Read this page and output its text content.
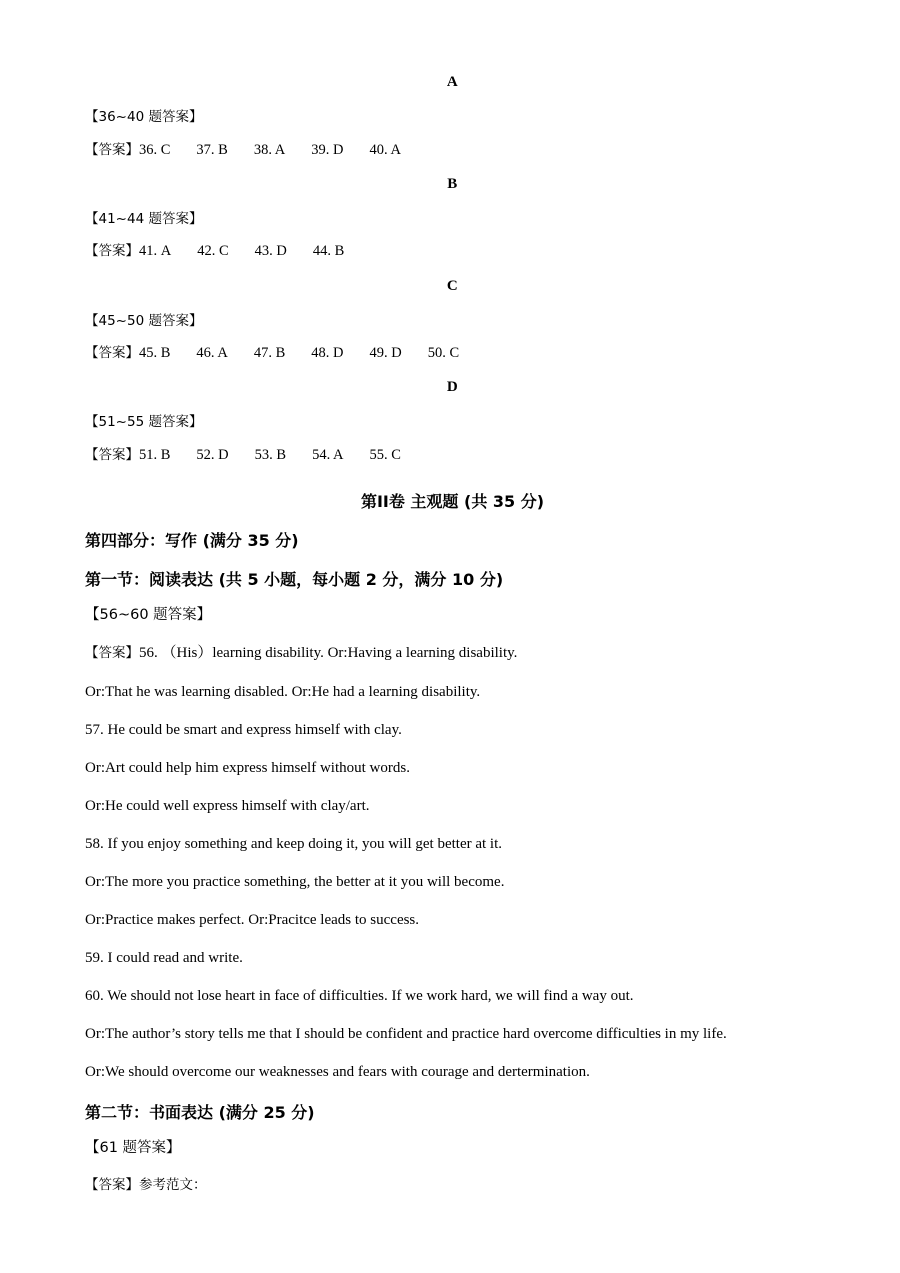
A
【36~40 题答案】
【答案】36. C 37. B 38. A 39. D 40. A
B
【41~44 题答案】
【答案】41. A 42. C 43. D 44. B
C
【45~50 题答案】
【答案】45. B 46. A 47. B 48. D 49. D 50. C
D
【51~55 题答案】
【答案】51. B 52. D 53. B 54. A 55. C
第II卷 主观题 (共 35 分)
第四部分：写作 (满分 35 分)
第一节：阅读表达 (共 5 小题，每小题 2 分，满分 10 分)
【56~60 题答案】
【答案】56. （His）learning disability. Or:Having a learning disability.
Or:That he was learning disabled. Or:He had a learning disability.
57. He could be smart and express himself with clay.
Or:Art could help him express himself without words.
Or:He could well express himself with clay/art.
58. If you enjoy something and keep doing it, you will get better at it.
Or:The more you practice something, the better at it you will become.
Or:Practice makes perfect. Or:Pracitce leads to success.
59. I could read and write.
60. We should not lose heart in face of difficulties. If we work hard, we will find a way out.
Or:The author’s story tells me that I should be confident and practice hard overcome difficulties in my life.
Or:We should overcome our weaknesses and fears with courage and dertermination.
第二节：书面表达 (满分 25 分)
【61 题答案】
【答案】参考范文：
